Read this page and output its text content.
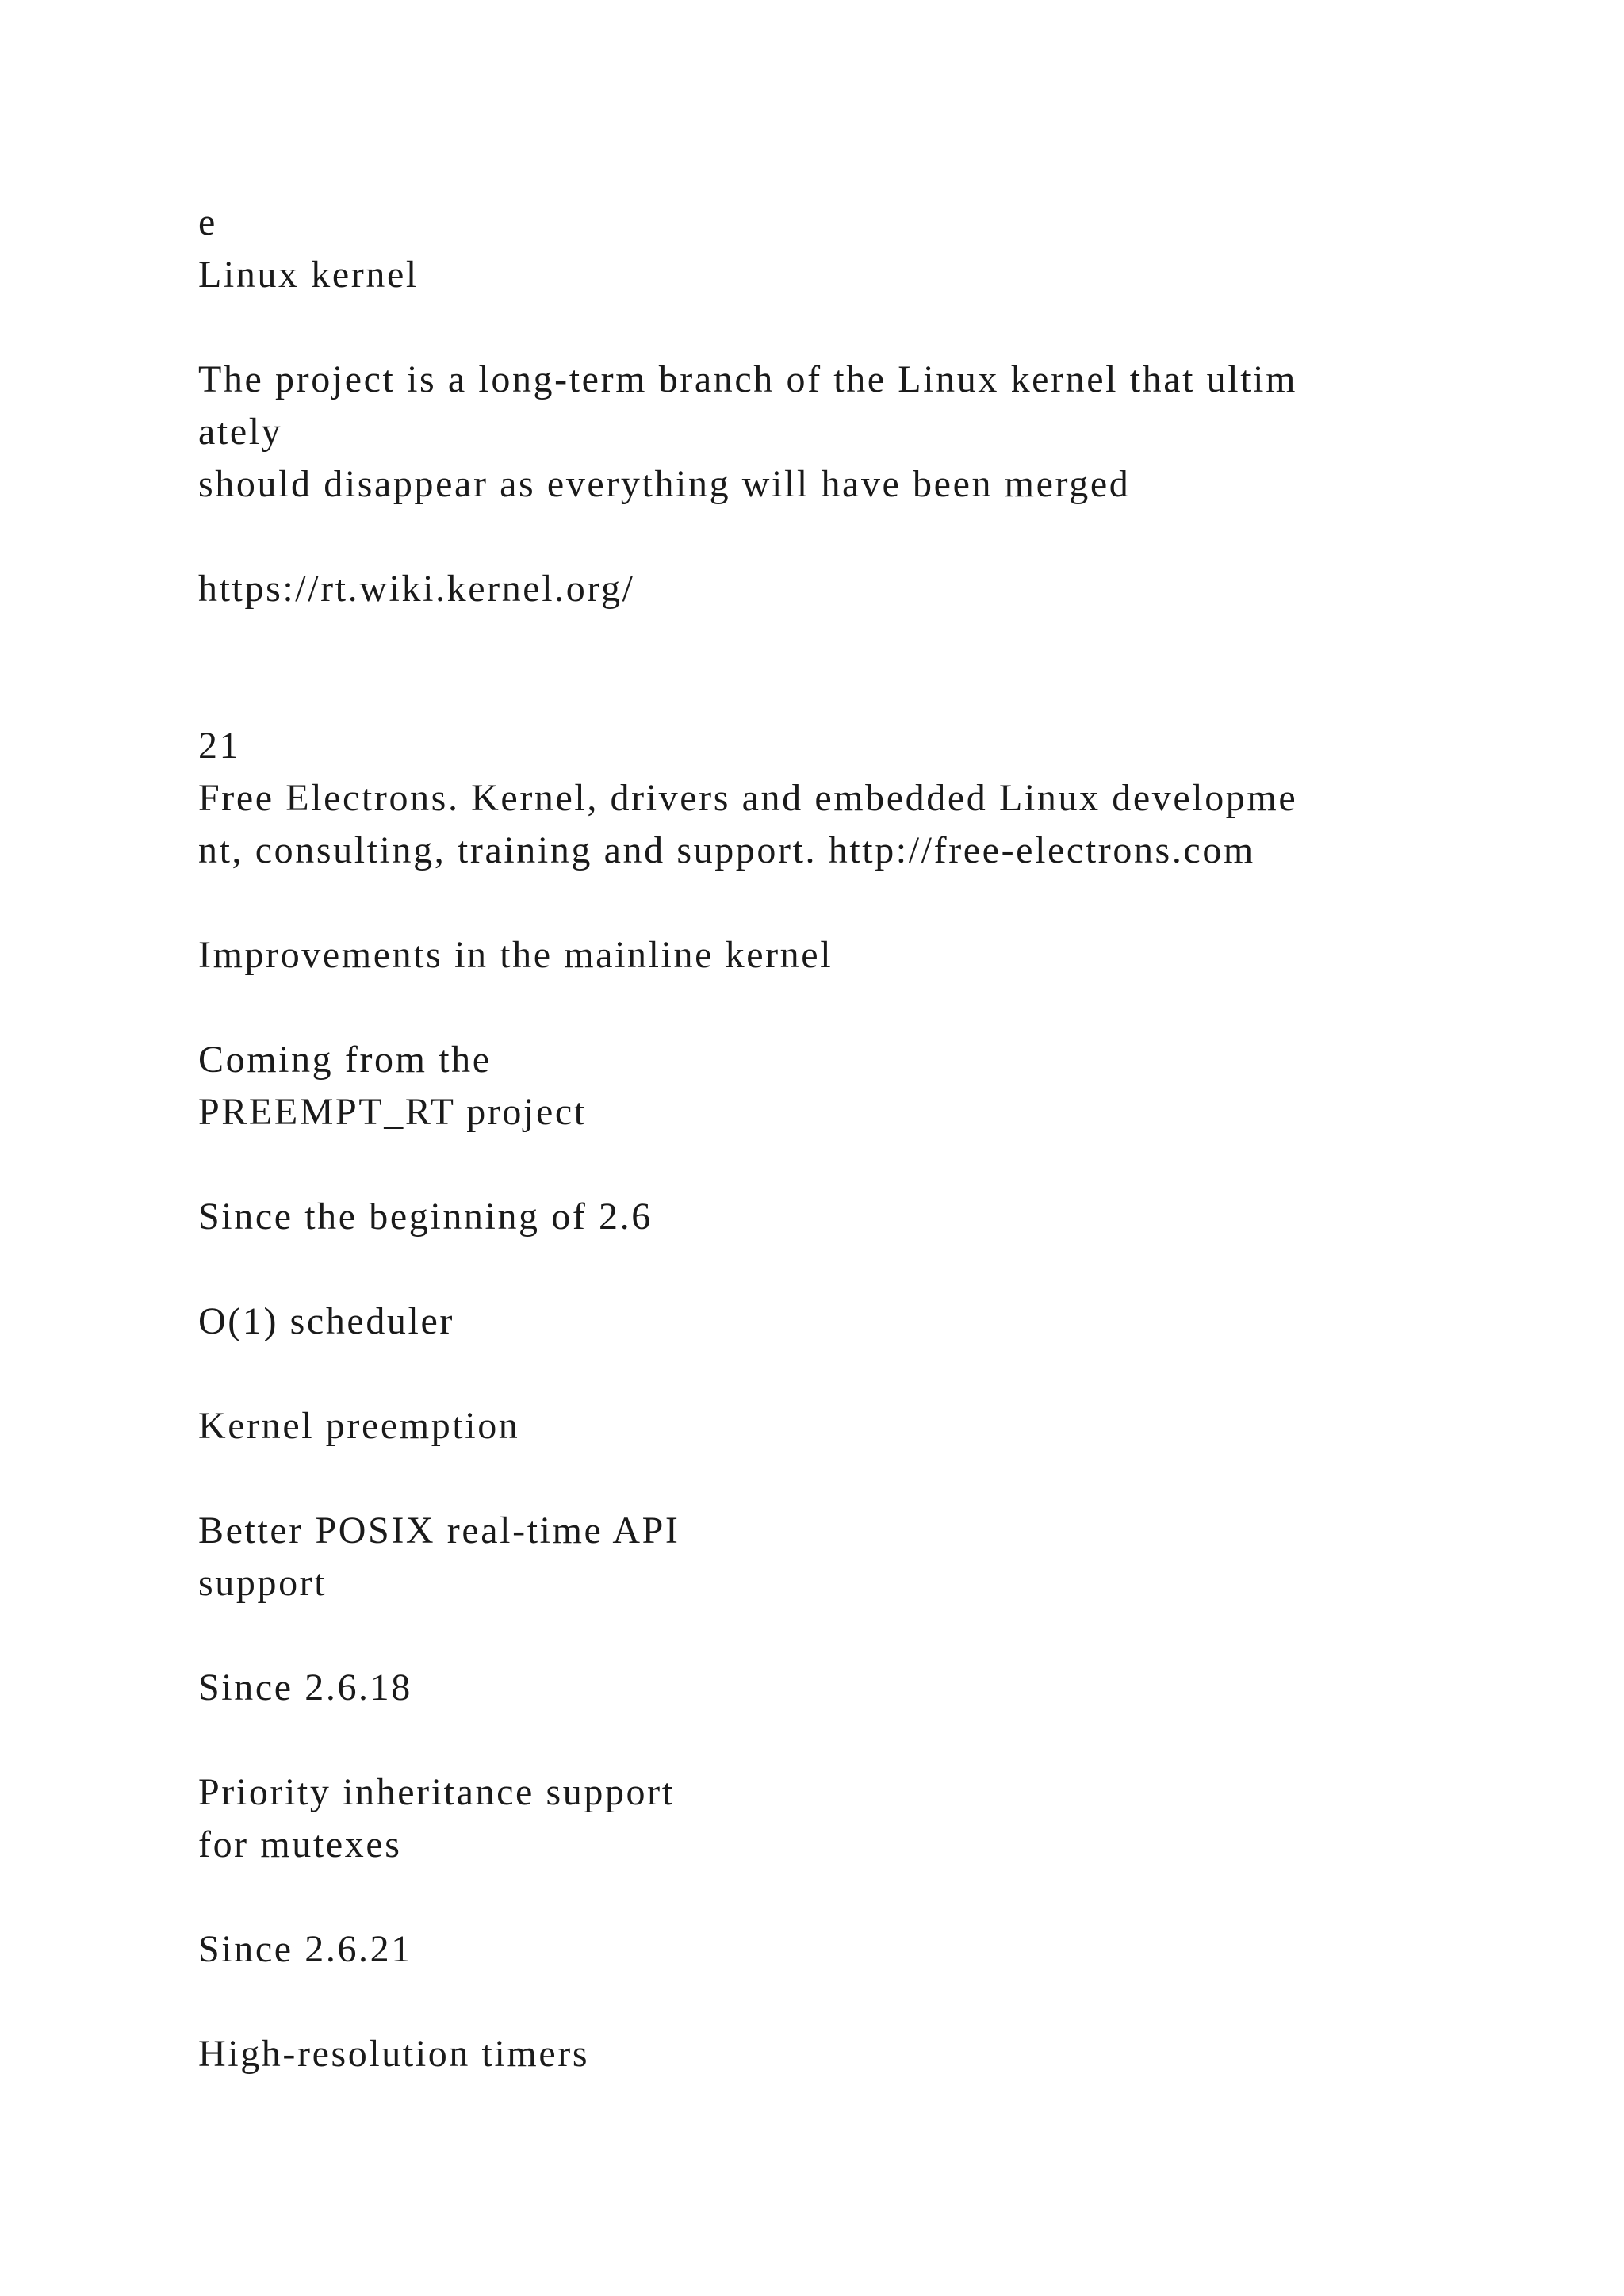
e
Linux kernel
The project is a long-term branch of the Linux kernel that ultim
ately
should disappear as everything will have been merged
https://rt.wiki.kernel.org/
21
Free Electrons. Kernel, drivers and embedded Linux developme
nt, consulting, training and support. http://free-electrons.com
Improvements in the mainline kernel
Coming from the
PREEMPT_RT project
Since the beginning of 2.6
O(1) scheduler
Kernel preemption
Better POSIX real-time API
support
Since 2.6.18
Priority inheritance support
for mutexes
Since 2.6.21
High-resolution timers
